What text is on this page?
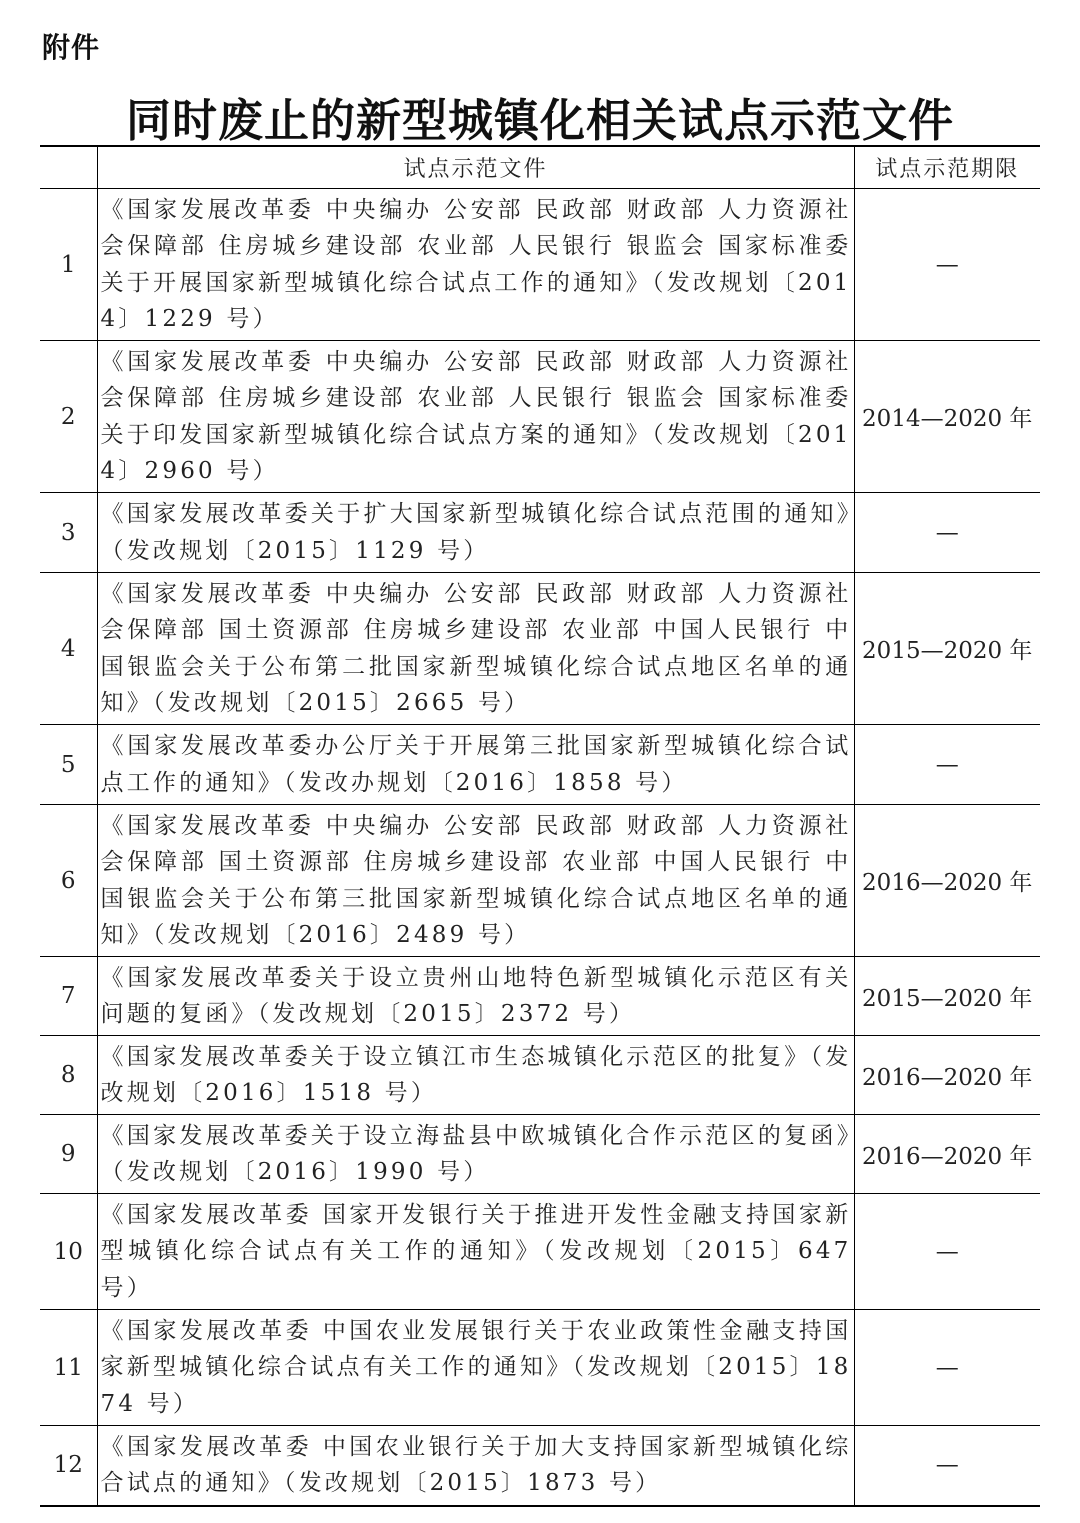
附件
同时废止的新型城镇化相关试点示范文件
	试点示范文件	试点示范期限
1	《国家发展改革委 中央编办 公安部 民政部 财政部 人力资源社会保障部 住房城乡建设部 农业部 人民银行 银监会 国家标准委关于开展国家新型城镇化综合试点工作的通知》（发改规划〔2014〕1229 号）	—
2	《国家发展改革委 中央编办 公安部 民政部 财政部 人力资源社会保障部 住房城乡建设部 农业部 人民银行 银监会 国家标准委关于印发国家新型城镇化综合试点方案的通知》（发改规划〔2014〕2960 号）	2014—2020 年
3	《国家发展改革委关于扩大国家新型城镇化综合试点范围的通知》（发改规划〔2015〕1129 号）	—
4	《国家发展改革委 中央编办 公安部 民政部 财政部 人力资源社会保障部 国土资源部 住房城乡建设部 农业部 中国人民银行 中国银监会关于公布第二批国家新型城镇化综合试点地区名单的通知》（发改规划〔2015〕2665 号）	2015—2020 年
5	《国家发展改革委办公厅关于开展第三批国家新型城镇化综合试点工作的通知》（发改办规划〔2016〕1858 号）	—
6	《国家发展改革委 中央编办 公安部 民政部 财政部 人力资源社会保障部 国土资源部 住房城乡建设部 农业部 中国人民银行 中国银监会关于公布第三批国家新型城镇化综合试点地区名单的通知》（发改规划〔2016〕2489 号）	2016—2020 年
7	《国家发展改革委关于设立贵州山地特色新型城镇化示范区有关问题的复函》（发改规划〔2015〕2372 号）	2015—2020 年
8	《国家发展改革委关于设立镇江市生态城镇化示范区的批复》（发改规划〔2016〕1518 号）	2016—2020 年
9	《国家发展改革委关于设立海盐县中欧城镇化合作示范区的复函》（发改规划〔2016〕1990 号）	2016—2020 年
10	《国家发展改革委 国家开发银行关于推进开发性金融支持国家新型城镇化综合试点有关工作的通知》（发改规划〔2015〕647 号）	—
11	《国家发展改革委 中国农业发展银行关于农业政策性金融支持国家新型城镇化综合试点有关工作的通知》（发改规划〔2015〕1874 号）	—
12	《国家发展改革委 中国农业银行关于加大支持国家新型城镇化综合试点的通知》（发改规划〔2015〕1873 号）	—
